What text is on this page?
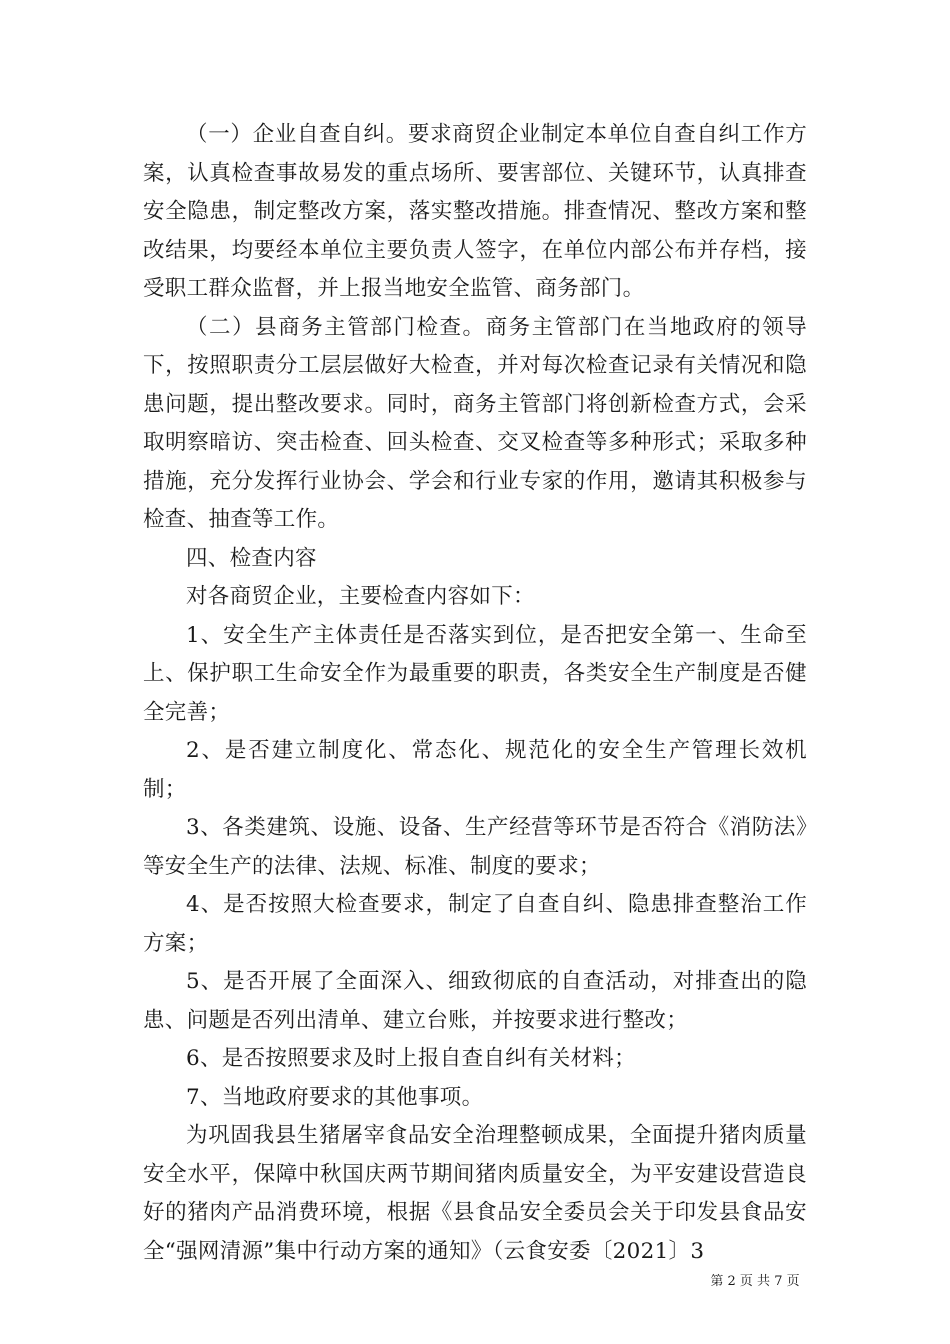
（一）企业自查自纠。要求商贸企业制定本单位自查自纠工作方案，认真检查事故易发的重点场所、要害部位、关键环节，认真排查安全隐患，制定整改方案，落实整改措施。排查情况、整改方案和整改结果，均要经本单位主要负责人签字，在单位内部公布并存档，接受职工群众监督，并上报当地安全监管、商务部门。

（二）县商务主管部门检查。商务主管部门在当地政府的领导下，按照职责分工层层做好大检查，并对每次检查记录有关情况和隐患问题，提出整改要求。同时，商务主管部门将创新检查方式，会采取明察暗访、突击检查、回头检查、交叉检查等多种形式；采取多种措施，充分发挥行业协会、学会和行业专家的作用，邀请其积极参与检查、抽查等工作。

四、检查内容

对各商贸企业，主要检查内容如下：

1、安全生产主体责任是否落实到位，是否把安全第一、生命至上、保护职工生命安全作为最重要的职责，各类安全生产制度是否健全完善；

2、是否建立制度化、常态化、规范化的安全生产管理长效机制；

3、各类建筑、设施、设备、生产经营等环节是否符合《消防法》等安全生产的法律、法规、标准、制度的要求；

4、是否按照大检查要求，制定了自查自纠、隐患排查整治工作方案；

5、是否开展了全面深入、细致彻底的自查活动，对排查出的隐患、问题是否列出清单、建立台账，并按要求进行整改；

6、是否按照要求及时上报自查自纠有关材料；

7、当地政府要求的其他事项。

为巩固我县生猪屠宰食品安全治理整顿成果，全面提升猪肉质量安全水平，保障中秋国庆两节期间猪肉质量安全，为平安建设营造良好的猪肉产品消费环境，根据《县食品安全委员会关于印发县食品安全“强网清源”集中行动方案的通知》（云食安委〔2021〕3

第 2 页 共 7 页
